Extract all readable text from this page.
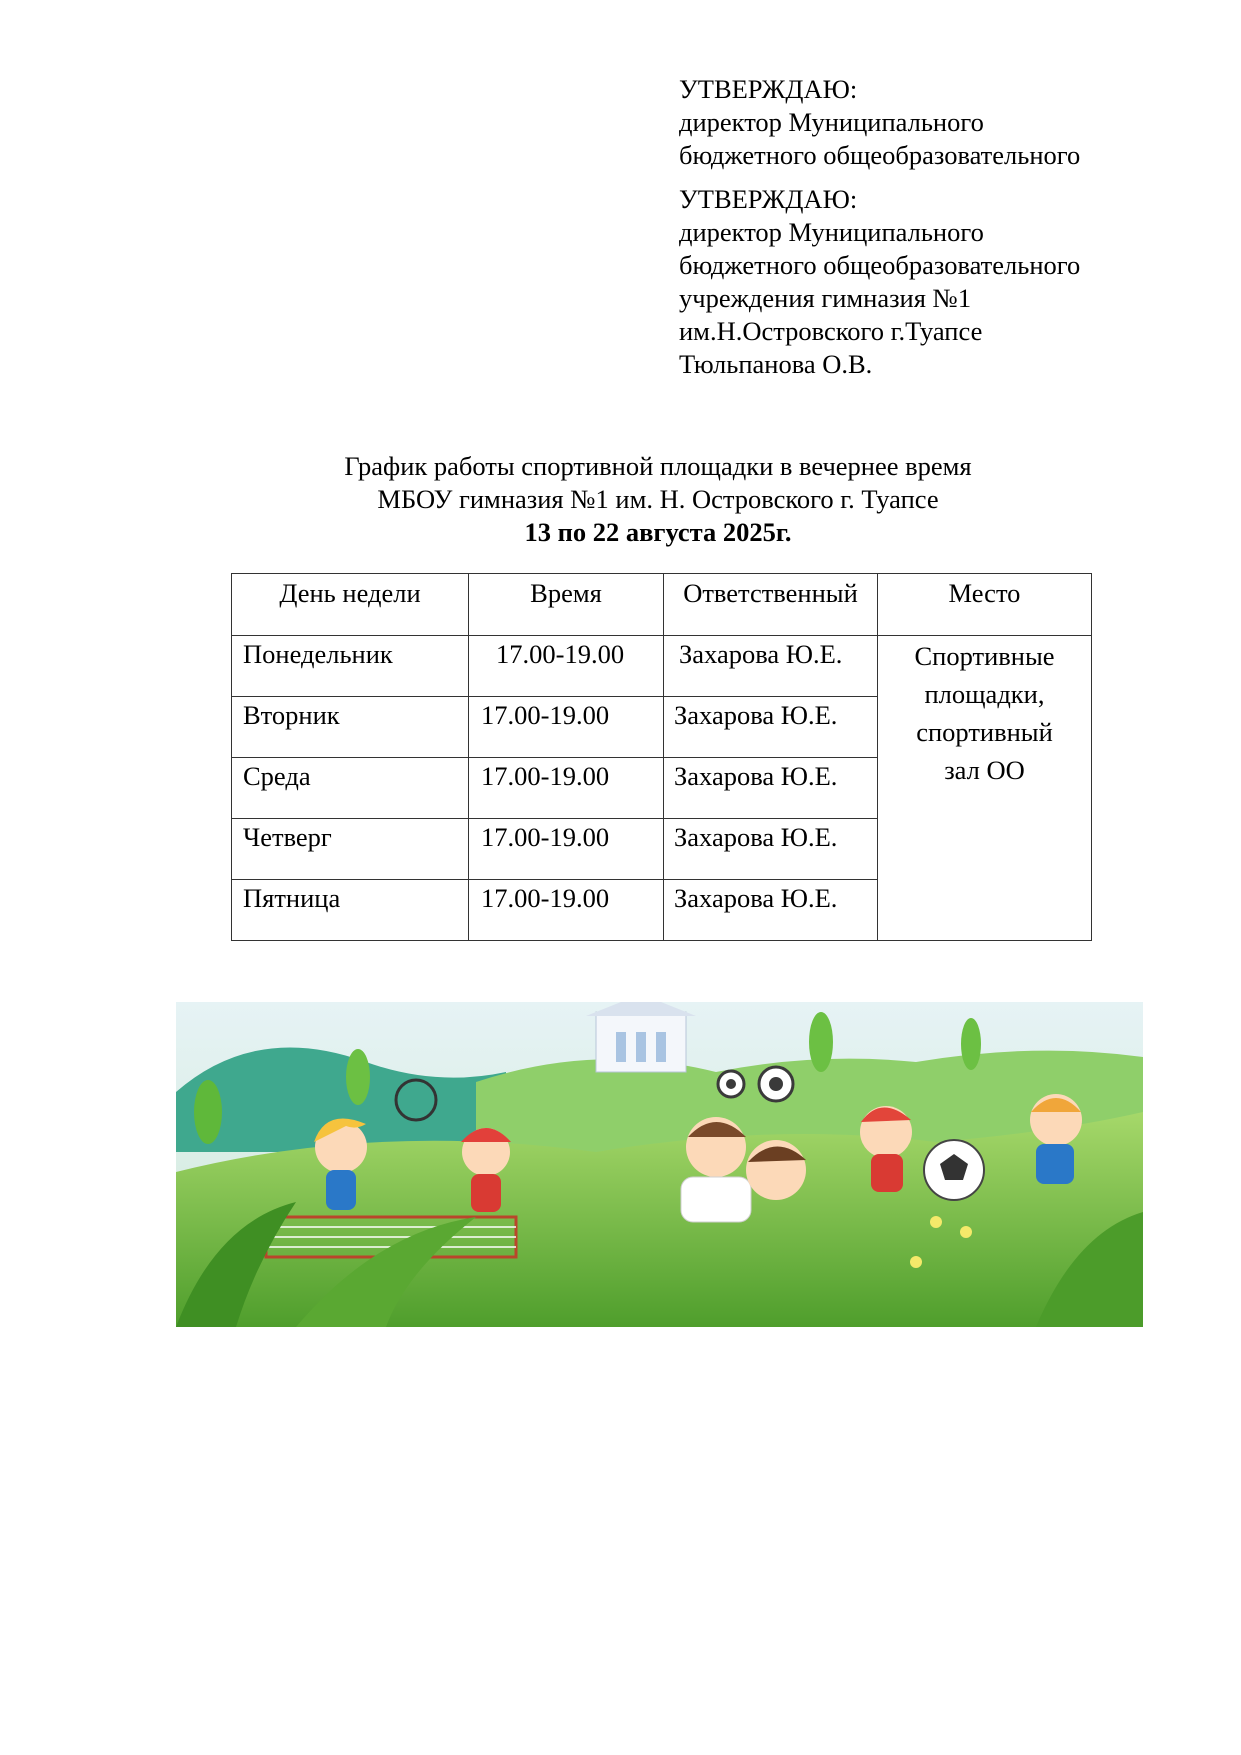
УТВЕРЖДАЮ:
директор Муниципального
бюджетного общеобразовательного
УТВЕРЖДАЮ:
директор Муниципального
бюджетного общеобразовательного
учреждения гимназия №1
им.Н.Островского г.Туапсе
Тюльпанова О.В.
График работы спортивной площадки в вечернее время
МБОУ гимназия №1 им. Н. Островского г. Туапсе
13 по 22 августа 2025г.
День недели	Время	Ответственный	Место
Понедельник	17.00-19.00	Захарова Ю.Е.	Спортивные
площадки,
спортивный
зал ОО

Вторник	17.00-19.00	Захарова Ю.Е.	
Среда	17.00-19.00	Захарова Ю.Е.	
Четверг	17.00-19.00	Захарова Ю.Е.	
Пятница	17.00-19.00	Захарова Ю.Е.	
